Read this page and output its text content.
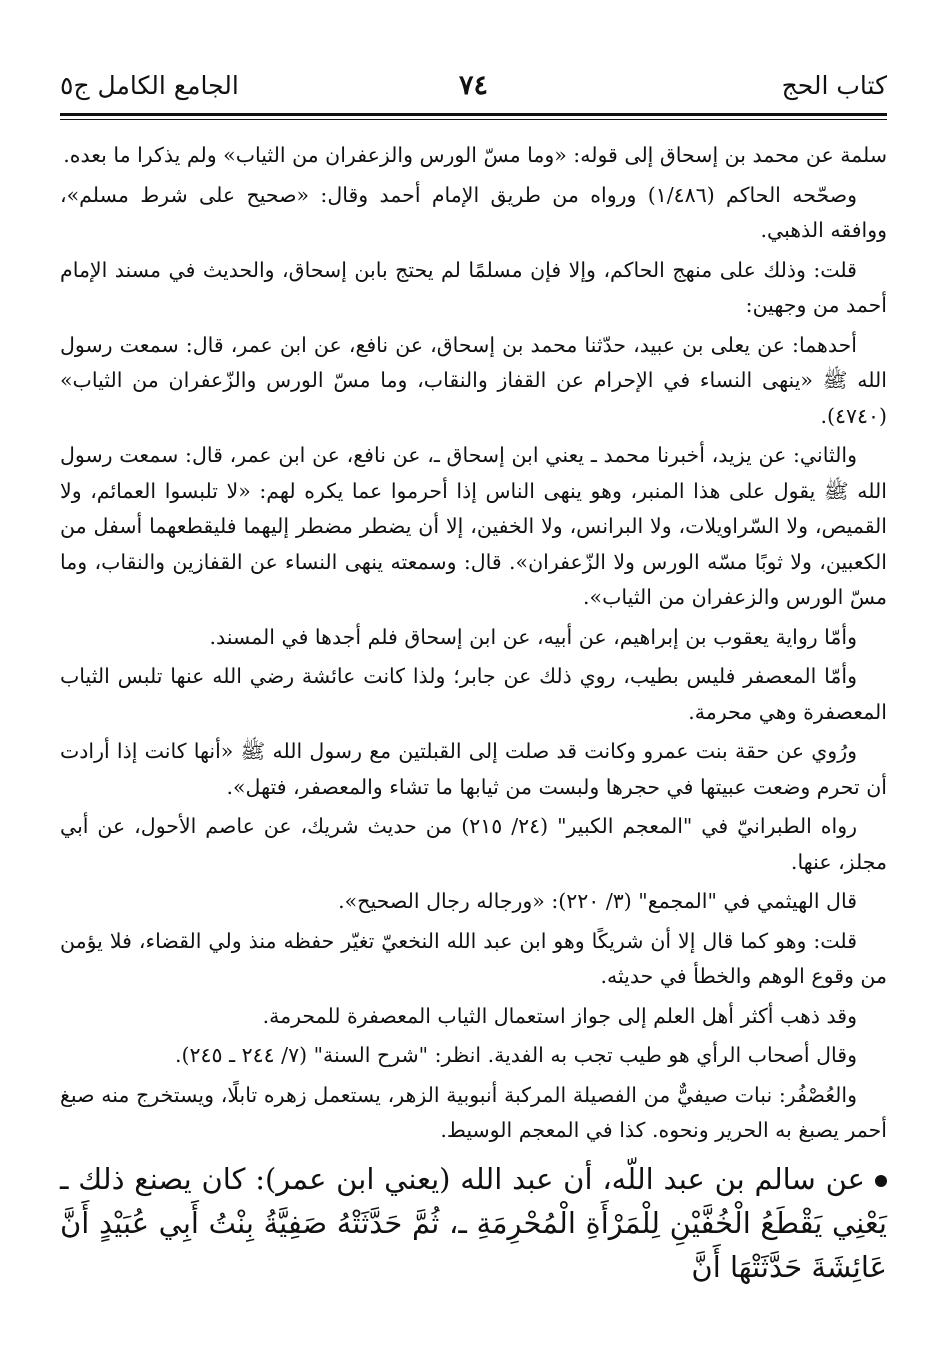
كتاب الحج
٧٤
الجامع الكامل ج٥

سلمة عن محمد بن إسحاق إلى قوله: «وما مسّ الورس والزعفران من الثياب» ولم يذكرا ما بعده.

وصحّحه الحاكم (١/٤٨٦) ورواه من طريق الإمام أحمد وقال: «صحيح على شرط مسلم»، ووافقه الذهبي.

قلت: وذلك على منهج الحاكم، وإلا فإن مسلمًا لم يحتج بابن إسحاق، والحديث في مسند الإمام أحمد من وجهين:

أحدهما: عن يعلى بن عبيد، حدّثنا محمد بن إسحاق، عن نافع، عن ابن عمر، قال: سمعت رسول الله ﷺ «ينهى النساء في الإحرام عن القفاز والنقاب، وما مسّ الورس والزّعفران من الثياب» (٤٧٤٠).

والثاني: عن يزيد، أخبرنا محمد ـ يعني ابن إسحاق ـ، عن نافع، عن ابن عمر، قال: سمعت رسول الله ﷺ يقول على هذا المنبر، وهو ينهى الناس إذا أحرموا عما يكره لهم: «لا تلبسوا العمائم، ولا القميص، ولا السّراويلات، ولا البرانس، ولا الخفين، إلا أن يضطر مضطر إليهما فليقطعهما أسفل من الكعبين، ولا ثوبًا مسّه الورس ولا الزّعفران». قال: وسمعته ينهى النساء عن القفازين والنقاب، وما مسّ الورس والزعفران من الثياب».

وأمّا رواية يعقوب بن إبراهيم، عن أبيه، عن ابن إسحاق فلم أجدها في المسند.

وأمّا المعصفر فليس بطيب، روي ذلك عن جابر؛ ولذا كانت عائشة رضي الله عنها تلبس الثياب المعصفرة وهي محرمة.

ورُوي عن حقة بنت عمرو وكانت قد صلت إلى القبلتين مع رسول الله ﷺ «أنها كانت إذا أرادت أن تحرم وضعت عبيتها في حجرها ولبست من ثيابها ما تشاء والمعصفر، فتهل».

رواه الطبرانيّ في "المعجم الكبير" (٢٤/ ٢١٥) من حديث شريك، عن عاصم الأحول، عن أبي مجلز، عنها.

قال الهيثمي في "المجمع" (٣/ ٢٢٠): «ورجاله رجال الصحيح».

قلت: وهو كما قال إلا أن شريكًا وهو ابن عبد الله النخعيّ تغيّر حفظه منذ ولي القضاء، فلا يؤمن من وقوع الوهم والخطأ في حديثه.

وقد ذهب أكثر أهل العلم إلى جواز استعمال الثياب المعصفرة للمحرمة.

وقال أصحاب الرأي هو طيب تجب به الفدية. انظر: "شرح السنة" (٧/ ٢٤٤ ـ ٢٤٥).

والعُصْفُر: نبات صيفيٌّ من الفصيلة المركبة أنبوبية الزهر، يستعمل زهره تابلًا، ويستخرج منه صبغ أحمر يصبغ به الحرير ونحوه. كذا في المعجم الوسيط.

عن سالم بن عبد اللّه، أن عبد الله (يعني ابن عمر): كان يصنع ذلك ـ يَعْنِي يَقْطَعُ الْخُفَّيْنِ لِلْمَرْأَةِ الْمُحْرِمَةِ ـ، ثُمَّ حَدَّثَتْهُ صَفِيَّةُ بِنْتُ أَبِي عُبَيْدٍ أَنَّ عَائِشَةَ حَدَّثَتْهَا أَنَّ
